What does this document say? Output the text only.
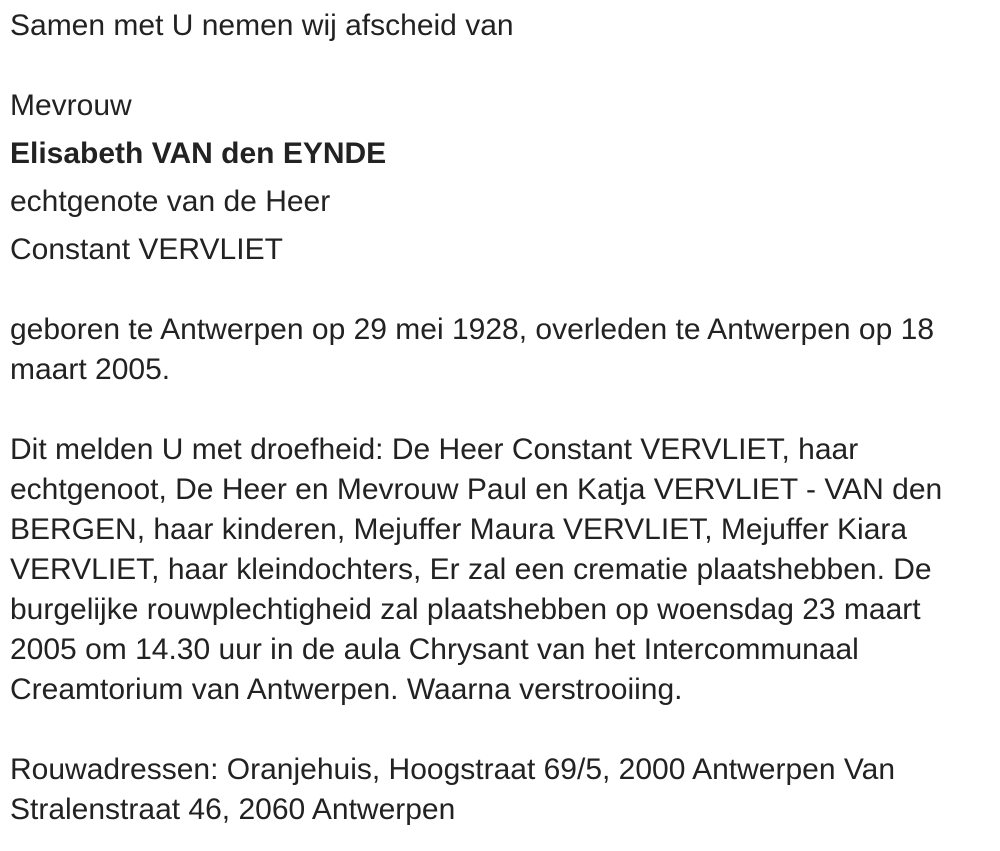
Samen met U nemen wij afscheid van

Mevrouw

Elisabeth VAN den EYNDE

echtgenote van de Heer

Constant VERVLIET

geboren te Antwerpen op 29 mei 1928, overleden te Antwerpen op 18 maart 2005.

Dit melden U met droefheid: De Heer Constant VERVLIET, haar echtgenoot, De Heer en Mevrouw Paul en Katja VERVLIET - VAN den BERGEN, haar kinderen, Mejuffer Maura VERVLIET, Mejuffer Kiara VERVLIET, haar kleindochters, Er zal een crematie plaatshebben. De burgelijke rouwplechtigheid zal plaatshebben op woensdag 23 maart 2005 om 14.30 uur in de aula Chrysant van het Intercommunaal Creamtorium van Antwerpen. Waarna verstrooiing.

Rouwadressen: Oranjehuis, Hoogstraat 69/5, 2000 Antwerpen Van Stralenstraat 46, 2060 Antwerpen
